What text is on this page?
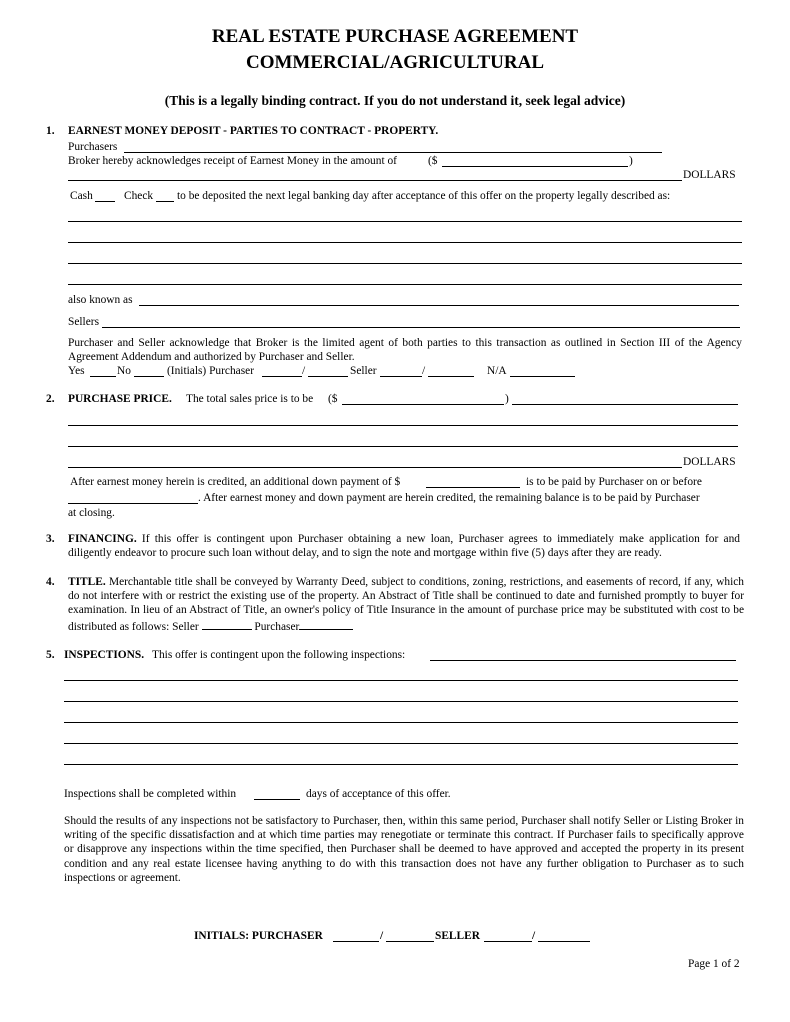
REAL ESTATE PURCHASE AGREEMENT
COMMERCIAL/AGRICULTURAL
(This is a legally binding contract. If you do not understand it, seek legal advice)
1. EARNEST MONEY DEPOSIT - PARTIES TO CONTRACT - PROPERTY.
Purchasers
Broker hereby acknowledges receipt of Earnest Money in the amount of	($	)
DOLLARS
Cash	Check to be deposited the next legal banking day after acceptance of this offer on the property legally described as:
also known as
Sellers
Purchaser and Seller acknowledge that Broker is the limited agent of both parties to this transaction as outlined in Section III of the Agency Agreement Addendum and authorized by Purchaser and Seller.
Yes	No	(Initials) Purchaser	/	Seller	/	N/A
2. PURCHASE PRICE. The total sales price is to be ($	)
DOLLARS
After earnest money herein is credited, an additional down payment of $	is to be paid by Purchaser on or before
. After earnest money and down payment are herein credited, the remaining balance is to be paid by Purchaser
at closing.
3. FINANCING. If this offer is contingent upon Purchaser obtaining a new loan, Purchaser agrees to immediately make application for and diligently endeavor to procure such loan without delay, and to sign the note and mortgage within five (5) days after they are ready.
4. TITLE. Merchantable title shall be conveyed by Warranty Deed, subject to conditions, zoning, restrictions, and easements of record, if any, which do not interfere with or restrict the existing use of the property. An Abstract of Title shall be continued to date and furnished promptly to buyer for examination. In lieu of an Abstract of Title, an owner's policy of Title Insurance in the amount of purchase price may be substituted with cost to be distributed as follows: Seller	Purchaser
5. INSPECTIONS. This offer is contingent upon the following inspections:
Inspections shall be completed within	days of acceptance of this offer.
Should the results of any inspections not be satisfactory to Purchaser, then, within this same period, Purchaser shall notify Seller or Listing Broker in writing of the specific dissatisfaction and at which time parties may renegotiate or terminate this contract. If Purchaser fails to specifically approve or disapprove any inspections within the time specified, then Purchaser shall be deemed to have approved and accepted the property in its present condition and any real estate licensee having anything to do with this transaction does not have any further obligation to Purchaser as to such inspections or agreement.
INITIALS: PURCHASER	/	SELLER	/
Page 1 of 2
